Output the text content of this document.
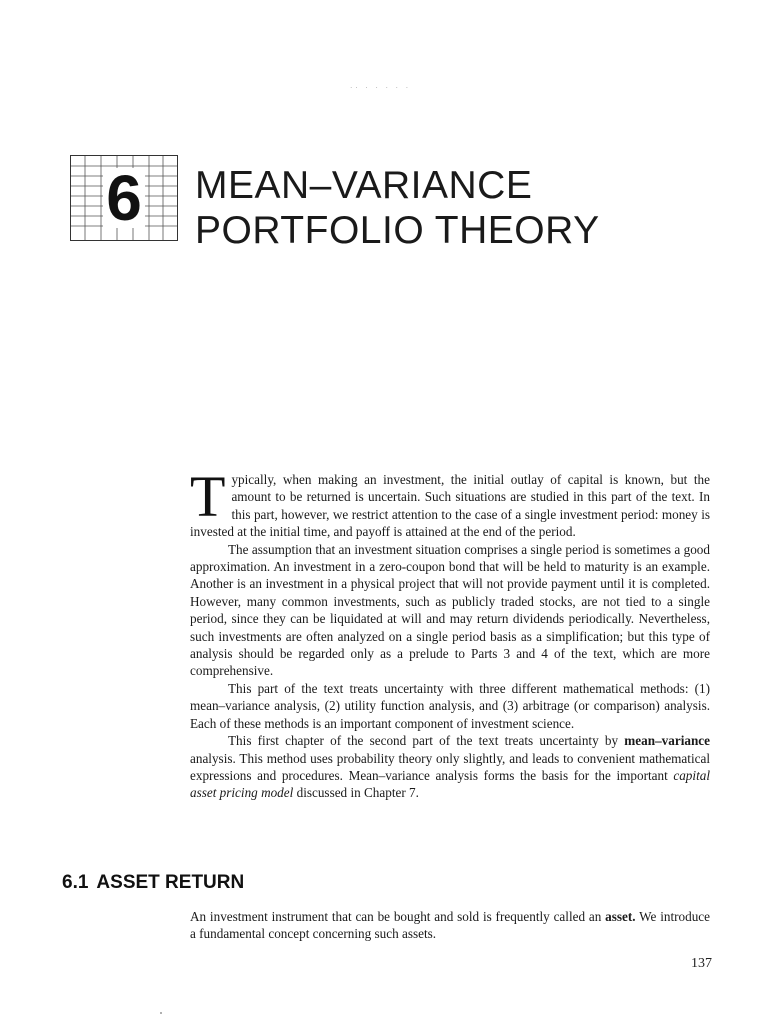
·· · · · · ·
6	MEAN–VARIANCE
PORTFOLIO THEORY

Typically, when making an investment, the initial outlay of capital is known, but the amount to be returned is uncertain. Such situations are studied in this part of the text. In this part, however, we restrict attention to the case of a single investment period: money is invested at the initial time, and payoff is attained at the end of the period.

The assumption that an investment situation comprises a single period is sometimes a good approximation. An investment in a zero-coupon bond that will be held to maturity is an example. Another is an investment in a physical project that will not provide payment until it is completed. However, many common investments, such as publicly traded stocks, are not tied to a single period, since they can be liquidated at will and may return dividends periodically. Nevertheless, such investments are often analyzed on a single period basis as a simplification; but this type of analysis should be regarded only as a prelude to Parts 3 and 4 of the text, which are more comprehensive.

This part of the text treats uncertainty with three different mathematical methods: (1) mean–variance analysis, (2) utility function analysis, and (3) arbitrage (or comparison) analysis. Each of these methods is an important component of investment science.

This first chapter of the second part of the text treats uncertainty by mean–variance analysis. This method uses probability theory only slightly, and leads to convenient mathematical expressions and procedures. Mean–variance analysis forms the basis for the important capital asset pricing model discussed in Chapter 7.

6.1 ASSET RETURN

An investment instrument that can be bought and sold is frequently called an asset. We introduce a fundamental concept concerning such assets.

137
